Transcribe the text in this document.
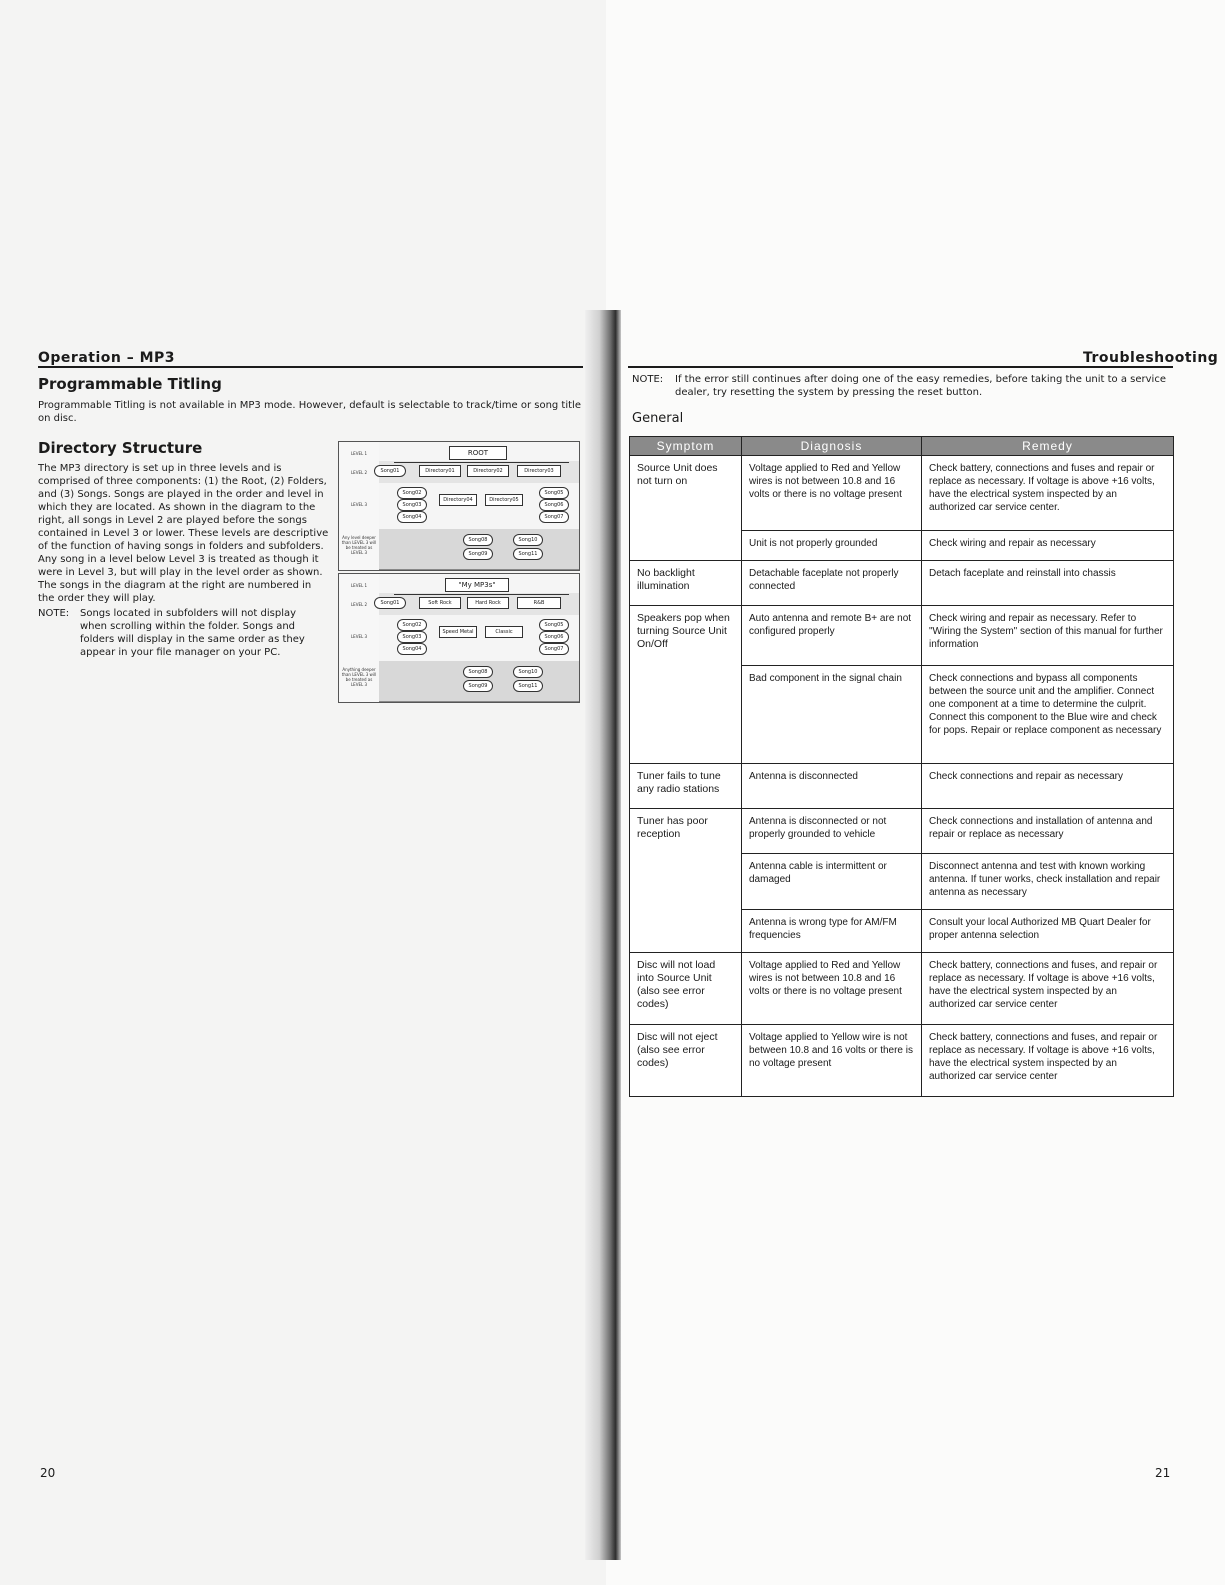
Operation – MP3
Programmable Titling
Programmable Titling is not available in MP3 mode. However, default is selectable to track/time or song title on disc.
Directory Structure
The MP3 directory is set up in three levels and is comprised of three components: (1) the Root, (2) Folders, and (3) Songs. Songs are played in the order and level in which they are located. As shown in the diagram to the right, all songs in Level 2 are played before the songs contained in Level 3 or lower. These levels are descriptive of the function of having songs in folders and subfolders. Any song in a level below Level 3 is treated as though it were in Level 3, but will play in the level order as shown. The songs in the diagram at the right are numbered in the order they will play.
NOTE:	Songs located in subfolders will not display when scrolling within the folder. Songs and folders will display in the same order as they appear in your file manager on your PC.
20
LEVEL 1
LEVEL 2
LEVEL 3
Any level deeper than LEVEL 3 will be treated as LEVEL 3
ROOT
Song01	Directory01	Directory02	Directory03
Song02
Song03
Song04
Directory04	Directory05
Song05
Song06
Song07
Song08
Song09
Song10
Song11
LEVEL 1
LEVEL 2
LEVEL 3
Anything deeper than LEVEL 3 will be treated as LEVEL 3
"My MP3s"
Song01	Soft Rock	Hard Rock	R&B
Song02
Song03
Song04
Speed Metal	Classic
Song05
Song06
Song07
Song08
Song09
Song10
Song11
Troubleshooting
NOTE:	If the error still continues after doing one of the easy remedies, before taking the unit to a service dealer, try resetting the system by pressing the reset button.
General
Symptom	Diagnosis	Remedy
Source Unit does not turn on	Voltage applied to Red and Yellow wires is not between 10.8 and 16 volts or there is no voltage present	Check battery, connections and fuses and repair or replace as necessary. If voltage is above +16 volts, have the electrical system inspected by an authorized car service center.
	Unit is not properly grounded	Check wiring and repair as necessary
No backlight illumination	Detachable faceplate not properly connected	Detach faceplate and reinstall into chassis
Speakers pop when turning Source Unit On/Off	Auto antenna and remote B+ are not configured properly	Check wiring and repair as necessary. Refer to "Wiring the System" section of this manual for further information
	Bad component in the signal chain	Check connections and bypass all components between the source unit and the amplifier. Connect one component at a time to determine the culprit. Connect this component to the Blue wire and check for pops. Repair or replace component as necessary
Tuner fails to tune any radio stations	Antenna is disconnected	Check connections and repair as necessary
Tuner has poor reception	Antenna is disconnected or not properly grounded to vehicle	Check connections and installation of antenna and repair or replace as necessary
	Antenna cable is intermittent or damaged	Disconnect antenna and test with known working antenna. If tuner works, check installation and repair antenna as necessary
	Antenna is wrong type for AM/FM frequencies	Consult your local Authorized MB Quart Dealer for proper antenna selection
Disc will not load into Source Unit (also see error codes)	Voltage applied to Red and Yellow wires is not between 10.8 and 16 volts or there is no voltage present	Check battery, connections and fuses, and repair or replace as necessary. If voltage is above +16 volts, have the electrical system inspected by an authorized car service center
Disc will not eject (also see error codes)	Voltage applied to Yellow wire is not between 10.8 and 16 volts or there is no voltage present	Check battery, connections and fuses, and repair or replace as necessary. If voltage is above +16 volts, have the electrical system inspected by an authorized car service center
21
